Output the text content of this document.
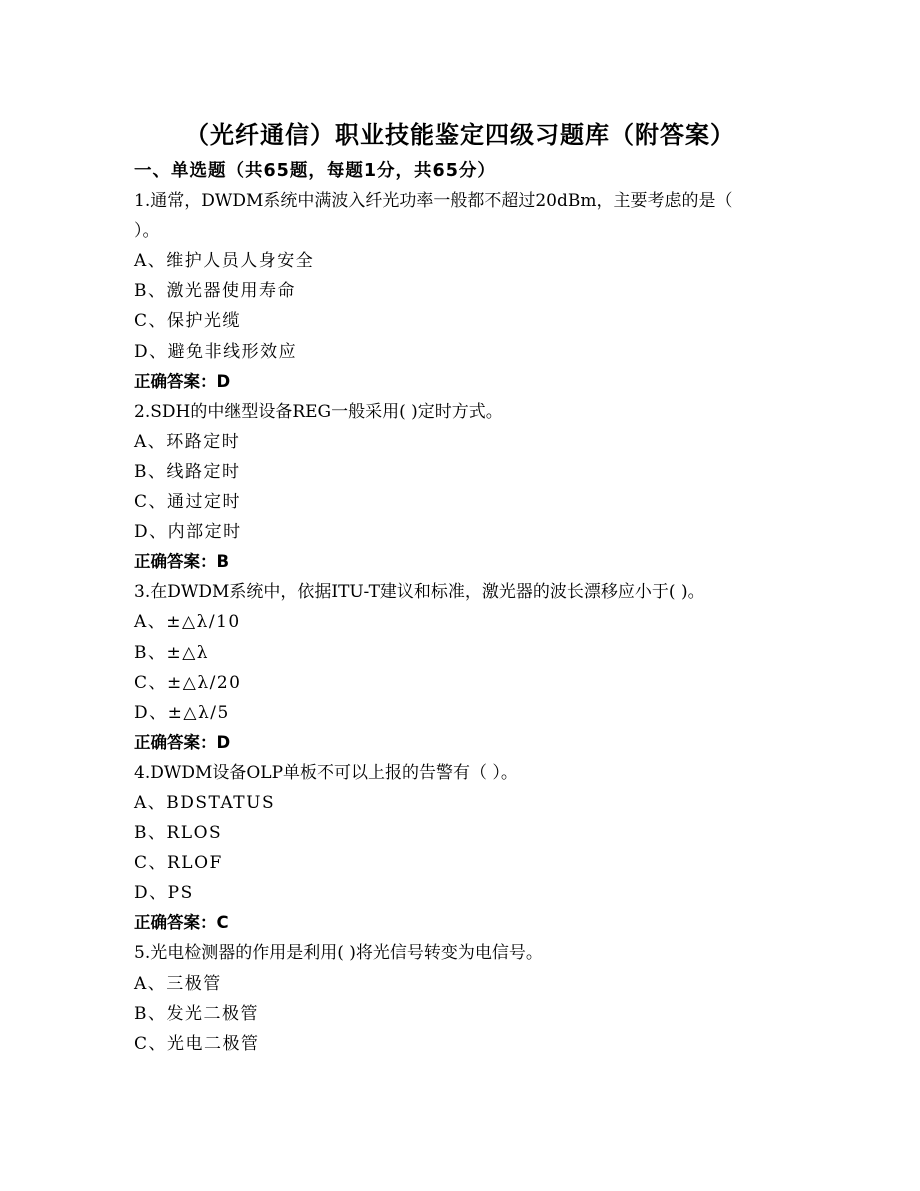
（光纤通信）职业技能鉴定四级习题库（附答案）
一、单选题（共65题，每题1分，共65分）
1.通常，DWDM系统中满波入纤光功率一般都不超过20dBm，主要考虑的是（
）。
A、维护人员人身安全
B、激光器使用寿命
C、保护光缆
D、避免非线形效应
正确答案：D
2.SDH的中继型设备REG一般采用( )定时方式。
A、环路定时
B、线路定时
C、通过定时
D、内部定时
正确答案：B
3.在DWDM系统中，依据ITU-T建议和标准，激光器的波长漂移应小于( )。
A、±△λ/10
B、±△λ
C、±△λ/20
D、±△λ/5
正确答案：D
4.DWDM设备OLP单板不可以上报的告警有（ ）。
A、BDSTATUS
B、RLOS
C、RLOF
D、PS
正确答案：C
5.光电检测器的作用是利用( )将光信号转变为电信号。
A、三极管
B、发光二极管
C、光电二极管
